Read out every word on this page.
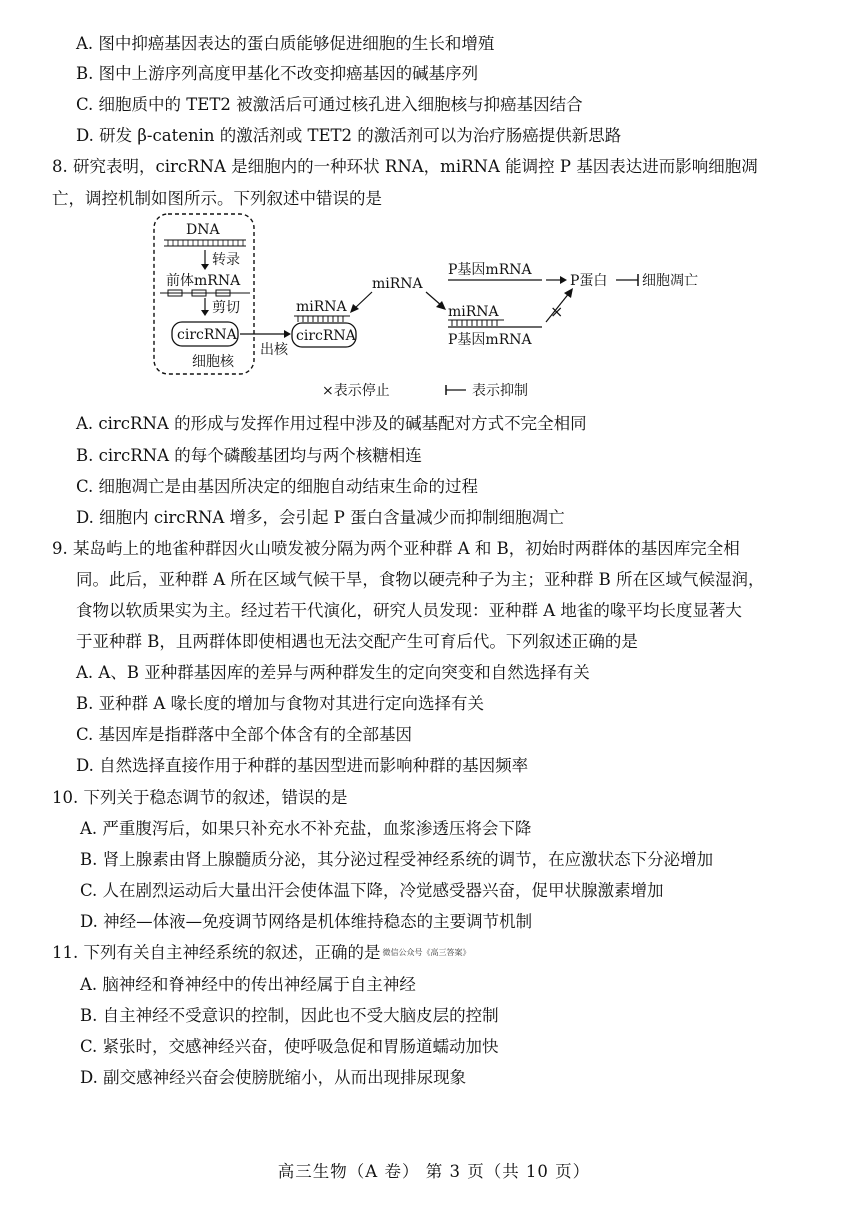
A. 图中抑癌基因表达的蛋白质能够促进细胞的生长和增殖
B. 图中上游序列高度甲基化不改变抑癌基因的碱基序列
C. 细胞质中的 TET2 被激活后可通过核孔进入细胞核与抑癌基因结合
D. 研发 β-catenin 的激活剂或 TET2 的激活剂可以为治疗肠癌提供新思路
8. 研究表明，circRNA 是细胞内的一种环状 RNA，miRNA 能调控 P 基因表达进而影响细胞凋
亡，调控机制如图所示。下列叙述中错误的是
DNA
转录
前体mRNA
剪切
circRNA
细胞核
出核
miRNA
circRNA
miRNA
P基因mRNA
P蛋白 细胞凋亡
miRNA
P基因mRNA
×
×表示停止	表示抑制
A. circRNA 的形成与发挥作用过程中涉及的碱基配对方式不完全相同
B. circRNA 的每个磷酸基团均与两个核糖相连
C. 细胞凋亡是由基因所决定的细胞自动结束生命的过程
D. 细胞内 circRNA 增多，会引起 P 蛋白含量减少而抑制细胞凋亡
9. 某岛屿上的地雀种群因火山喷发被分隔为两个亚种群 A 和 B，初始时两群体的基因库完全相
同。此后，亚种群 A 所在区域气候干旱，食物以硬壳种子为主；亚种群 B 所在区域气候湿润，
食物以软质果实为主。经过若干代演化，研究人员发现：亚种群 A 地雀的喙平均长度显著大
于亚种群 B，且两群体即使相遇也无法交配产生可育后代。下列叙述正确的是
A. A、B 亚种群基因库的差异与两种群发生的定向突变和自然选择有关
B. 亚种群 A 喙长度的增加与食物对其进行定向选择有关
C. 基因库是指群落中全部个体含有的全部基因
D. 自然选择直接作用于种群的基因型进而影响种群的基因频率
10. 下列关于稳态调节的叙述，错误的是
A. 严重腹泻后，如果只补充水不补充盐，血浆渗透压将会下降
B. 肾上腺素由肾上腺髓质分泌，其分泌过程受神经系统的调节，在应激状态下分泌增加
C. 人在剧烈运动后大量出汗会使体温下降，冷觉感受器兴奋，促甲状腺激素增加
D. 神经—体液—免疫调节网络是机体维持稳态的主要调节机制
11. 下列有关自主神经系统的叙述，正确的是 $^{微信公众号《高三答案》}$
A. 脑神经和脊神经中的传出神经属于自主神经
B. 自主神经不受意识的控制，因此也不受大脑皮层的控制
C. 紧张时，交感神经兴奋，使呼吸急促和胃肠道蠕动加快
D. 副交感神经兴奋会使膀胱缩小，从而出现排尿现象
高三生物（A 卷） 第 3 页（共 10 页）
